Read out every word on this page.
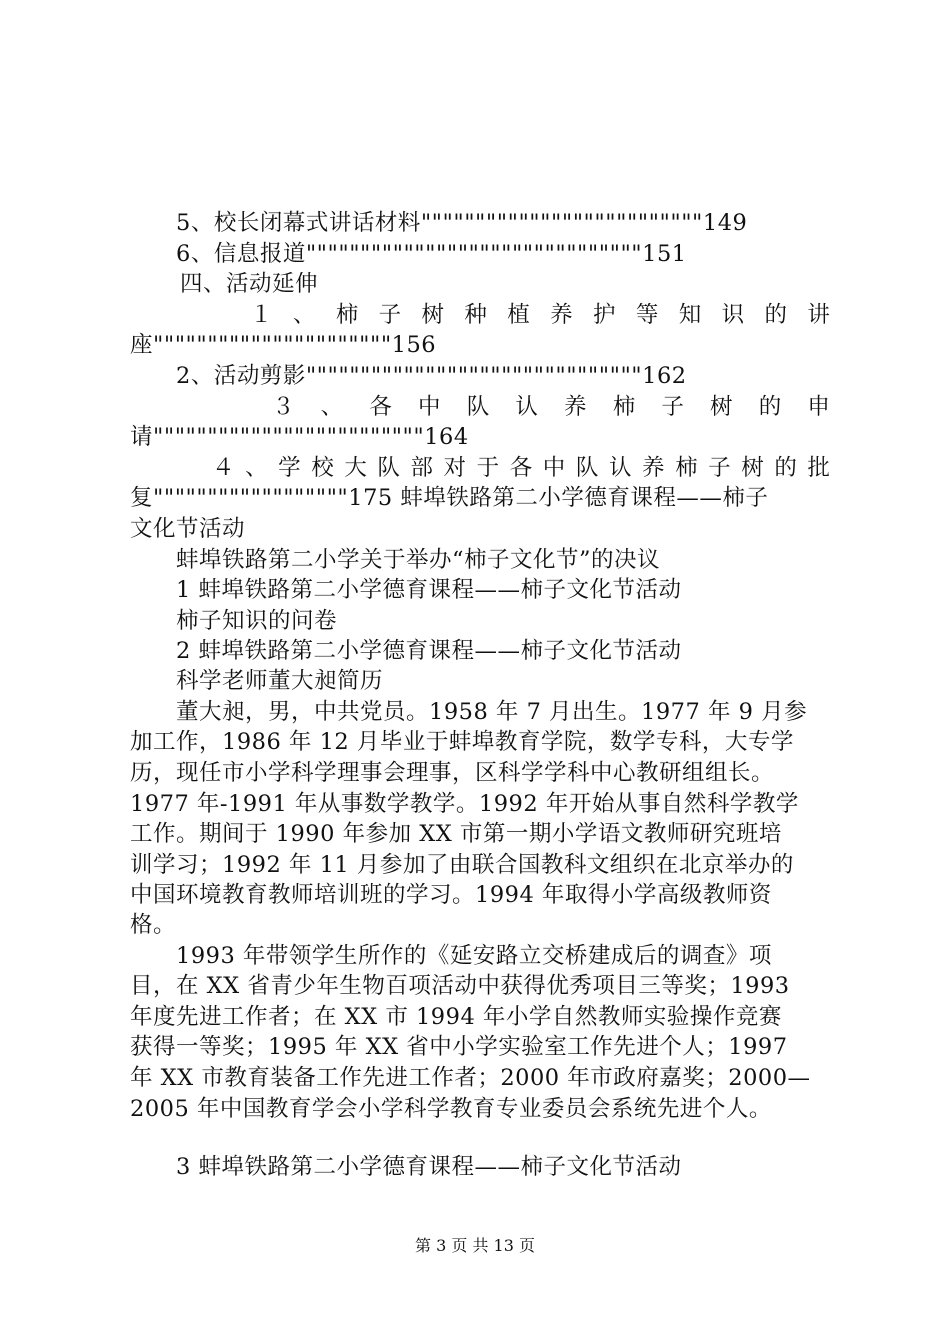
5、校长闭幕式讲话材料""""""""""""""""""""""""""149
6、信息报道"""""""""""""""""""""""""""""""151
四、活动延伸
１ 、 柿 子 树 种 植 养 护 等 知 识 的 讲
座""""""""""""""""""""""156
2、活动剪影"""""""""""""""""""""""""""""""162
３ 、 各 中 队 认 养 柿 子 树 的 申
请"""""""""""""""""""""""""164
４ 、 学 校 大 队 部 对 于 各 中 队 认 养 柿 子 树 的 批
复""""""""""""""""""175 蚌埠铁路第二小学德育课程——柿子
文化节活动
蚌埠铁路第二小学关于举办“柿子文化节”的决议
1 蚌埠铁路第二小学德育课程——柿子文化节活动
柿子知识的问卷
2 蚌埠铁路第二小学德育课程——柿子文化节活动
科学老师董大昶简历
董大昶，男，中共党员。1958 年 7 月出生。1977 年 9 月参
加工作，1986 年 12 月毕业于蚌埠教育学院，数学专科，大专学
历，现任市小学科学理事会理事，区科学学科中心教研组组长。
1977 年-1991 年从事数学教学。1992 年开始从事自然科学教学
工作。期间于 1990 年参加 XX 市第一期小学语文教师研究班培
训学习；1992 年 11 月参加了由联合国教科文组织在北京举办的
中国环境教育教师培训班的学习。1994 年取得小学高级教师资
格。
1993 年带领学生所作的《延安路立交桥建成后的调查》项
目，在 XX 省青少年生物百项活动中获得优秀项目三等奖；1993
年度先进工作者；在 XX 市 1994 年小学自然教师实验操作竞赛
获得一等奖；1995 年 XX 省中小学实验室工作先进个人；1997
年 XX 市教育装备工作先进工作者；2000 年市政府嘉奖；2000—
2005 年中国教育学会小学科学教育专业委员会系统先进个人。
3 蚌埠铁路第二小学德育课程——柿子文化节活动
第 3 页 共 13 页
